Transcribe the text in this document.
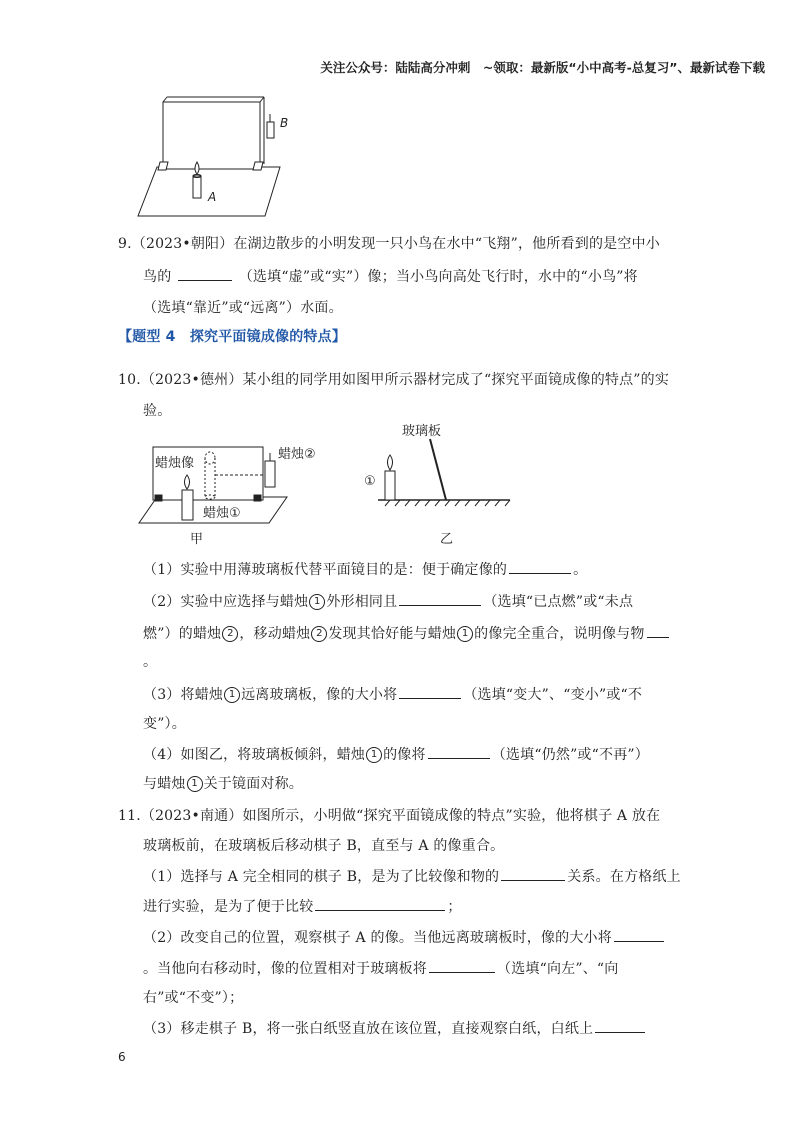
关注公众号：陆陆高分冲刺　~领取：最新版“小中高考-总复习”、最新试卷下载
A
B
9.（2023•朝阳）在湖边散步的小明发现一只小鸟在水中“飞翔”，他所看到的是空中小
鸟的	（选填“虚”或“实”）像；当小鸟向高处飞行时，水中的“小鸟”将
（选填“靠近”或“远离”）水面。
【题型 4　探究平面镜成像的特点】
10.（2023•德州）某小组的同学用如图甲所示器材完成了“探究平面镜成像的特点”的实
验。
蜡烛像
蜡烛②
蜡烛①
甲
玻璃板
①
乙
（1）实验中用薄玻璃板代替平面镜目的是：便于确定像的	。
（2）实验中应选择与蜡烛 1 外形相同且	（选填“已点燃”或“未点
燃”）的蜡烛 2 ，移动蜡烛 2 发现其恰好能与蜡烛 1 的像完全重合，说明像与物
。
（3）将蜡烛 1 远离玻璃板，像的大小将	（选填“变大”、“变小”或“不
变”）。
（4）如图乙，将玻璃板倾斜，蜡烛 1 的像将	（选填“仍然”或“不再”）
与蜡烛 1 关于镜面对称。
11.（2023•南通）如图所示，小明做“探究平面镜成像的特点”实验，他将棋子 A 放在
玻璃板前，在玻璃板后移动棋子 B，直至与 A 的像重合。
（1）选择与 A 完全相同的棋子 B，是为了比较像和物的	关系。在方格纸上
进行实验，是为了便于比较	；
（2）改变自己的位置，观察棋子 A 的像。当他远离玻璃板时，像的大小将
。当他向右移动时，像的位置相对于玻璃板将	（选填“向左”、“向
右”或“不变”）；
（3）移走棋子 B，将一张白纸竖直放在该位置，直接观察白纸，白纸上
6
